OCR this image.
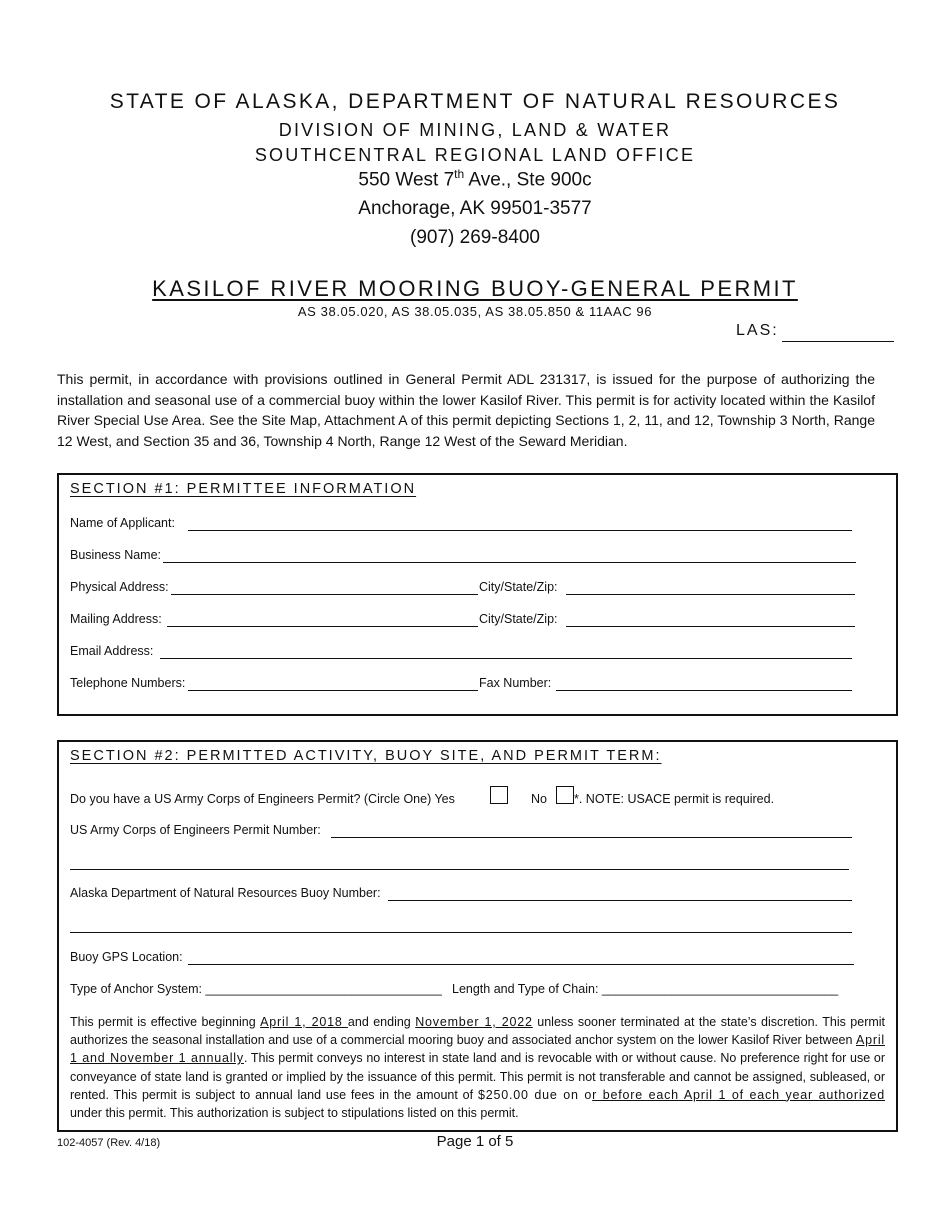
STATE OF ALASKA, DEPARTMENT OF NATURAL RESOURCES
DIVISION OF MINING, LAND & WATER
SOUTHCENTRAL REGIONAL LAND OFFICE
550 West 7th Ave., Ste 900c
Anchorage, AK 99501-3577
(907) 269-8400
KASILOF RIVER MOORING BUOY-GENERAL PERMIT
AS 38.05.020, AS 38.05.035, AS 38.05.850 & 11AAC 96
LAS:
This permit, in accordance with provisions outlined in General Permit ADL 231317, is issued for the purpose of authorizing the installation and seasonal use of a commercial buoy within the lower Kasilof River. This permit is for activity located within the Kasilof River Special Use Area. See the Site Map, Attachment A of this permit depicting Sections 1, 2, 11, and 12, Township 3 North, Range 12 West, and Section 35 and 36, Township 4 North, Range 12 West of the Seward Meridian.
SECTION #1: PERMITTEE INFORMATION
Name of Applicant:
Business Name:
Physical Address:	City/State/Zip:
Mailing Address:	City/State/Zip:
Email Address:
Telephone Numbers:	Fax Number:
SECTION #2: PERMITTED ACTIVITY, BUOY SITE, AND PERMIT TERM:
Do you have a US Army Corps of Engineers Permit? (Circle One) Yes	No *. NOTE: USACE permit is required.
US Army Corps of Engineers Permit Number:
Alaska Department of Natural Resources Buoy Number:
Buoy GPS Location:
Type of Anchor System: __________________________________ Length and Type of Chain: __________________________________
This permit is effective beginning April 1, 2018 and ending November 1, 2022 unless sooner terminated at the state’s discretion. This permit authorizes the seasonal installation and use of a commercial mooring buoy and associated anchor system on the lower Kasilof River between April 1 and November 1 annually. This permit conveys no interest in state land and is revocable with or without cause. No preference right for use or conveyance of state land is granted or implied by the issuance of this permit. This permit is not transferable and cannot be assigned, subleased, or rented. This permit is subject to annual land use fees in the amount of $250.00 due on or before each April 1 of each year authorized under this permit. This authorization is subject to stipulations listed on this permit.
102-4057 (Rev. 4/18)	Page 1 of 5
